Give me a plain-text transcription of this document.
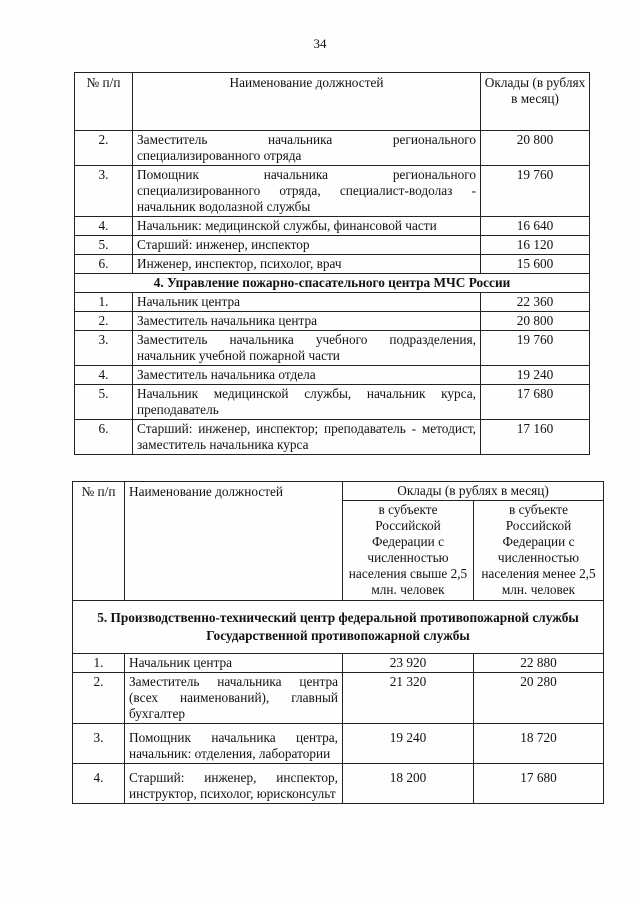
34
№ п/п	Наименование должностей	Оклады (в рублях в месяц)
2.	Заместитель начальника регионального специализированного отряда	20 800
3.	Помощник начальника регионального специализированного отряда, специалист-водолаз - начальник водолазной службы	19 760
4.	Начальник: медицинской службы, финансовой части	16 640
5.	Старший: инженер, инспектор	16 120
6.	Инженер, инспектор, психолог, врач	15 600
4. Управление пожарно-спасательного центра МЧС России		
1.	Начальник центра	22 360
2.	Заместитель начальника центра	20 800
3.	Заместитель начальника учебного подразделения, начальник учебной пожарной части	19 760
4.	Заместитель начальника отдела	19 240
5.	Начальник медицинской службы, начальник курса, преподаватель	17 680
6.	Старший: инженер, инспектор; преподаватель - методист, заместитель начальника курса	17 160
№ п/п	Наименование должностей	Оклады (в рублях в месяц)	
		в субъекте Российской Федерации с численностью населения свыше 2,5 млн. человек	в субъекте Российской Федерации с численностью населения менее 2,5 млн. человек
5. Производственно-технический центр федеральной противопожарной службы Государственной противопожарной службы			
1.	Начальник центра	23 920	22 880
2.	Заместитель начальника центра (всех наименований), главный бухгалтер	21 320	20 280
3.	Помощник начальника центра, начальник: отделения, лаборатории	19 240	18 720
4.	Старший: инженер, инспектор, инструктор, психолог, юрисконсульт	18 200	17 680
